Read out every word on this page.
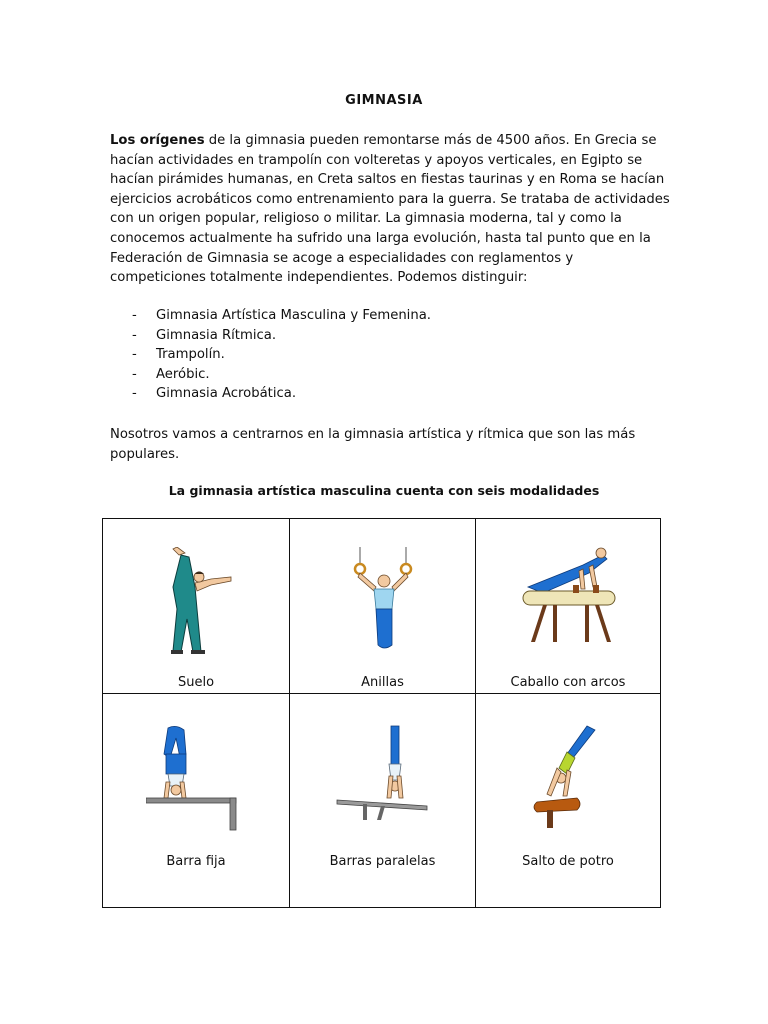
GIMNASIA

Los orígenes de la gimnasia pueden remontarse más de 4500 años. En Grecia se hacían actividades en trampolín con volteretas y apoyos verticales, en Egipto se hacían pirámides humanas, en Creta saltos en fiestas taurinas y en Roma se hacían ejercicios acrobáticos como entrenamiento para la guerra. Se trataba de actividades con un origen popular, religioso o militar. La gimnasia moderna, tal y como la conocemos actualmente ha sufrido una larga evolución, hasta tal punto que en la Federación de Gimnasia se acoge a especialidades con reglamentos y competiciones totalmente independientes. Podemos distinguir:

- Gimnasia Artística Masculina y Femenina.
- Gimnasia Rítmica.
- Trampolín.
- Aeróbic.
- Gimnasia Acrobática.

Nosotros vamos a centrarnos en la gimnasia artística y rítmica que son las más populares.

La gimnasia artística masculina cuenta con seis modalidades
Suelo	Anillas	Caballo con arcos
Barra fija	Barras paralelas	Salto de potro
